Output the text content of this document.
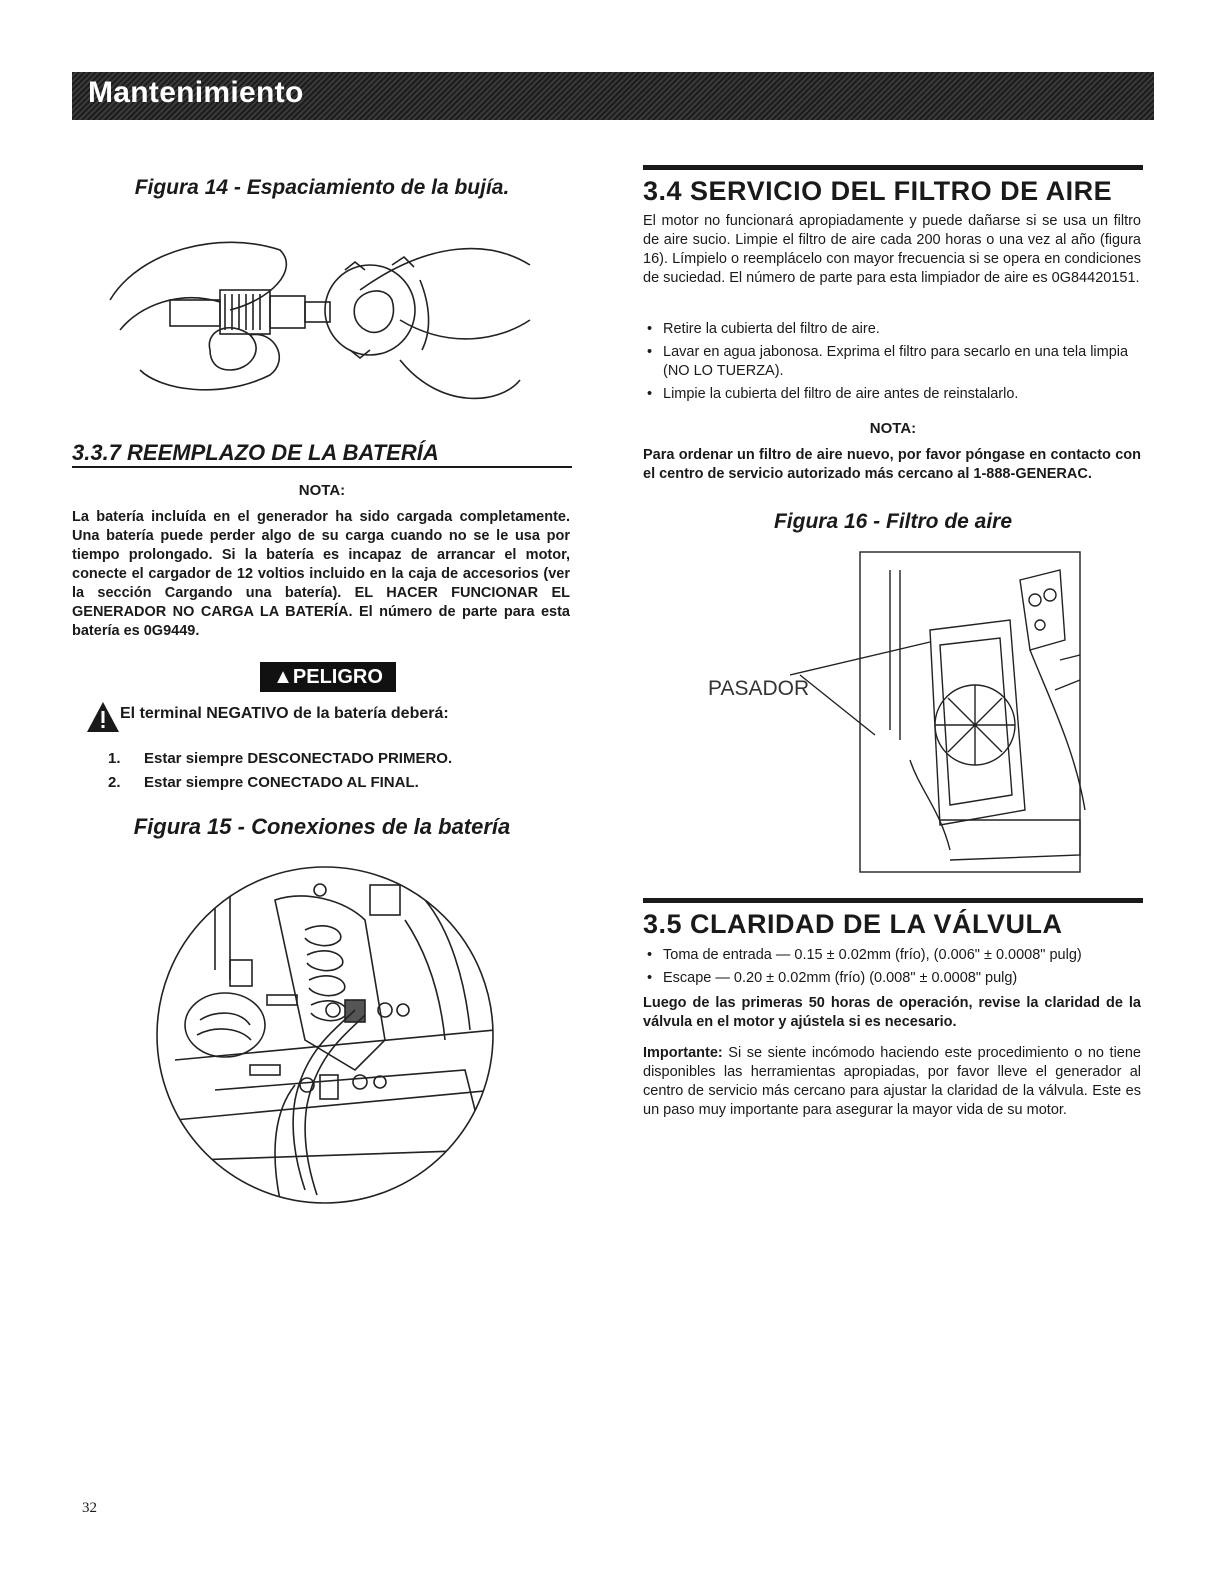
Mantenimiento
Figura 14 - Espaciamiento de la bujía.
3.3.7 REEMPLAZO DE LA BATERÍA
NOTA:

La batería incluída en el generador ha sido cargada completamente. Una batería puede perder algo de su carga cuando no se le usa por tiempo prolongado. Si la batería es incapaz de arrancar el motor, conecte el cargador de 12 voltios incluido en la caja de accesorios (ver la sección Cargando una batería). EL HACER FUNCIONAR EL GENERADOR NO CARGA LA BATERÍA. El número de parte para esta batería es 0G9449.

▲PELIGRO
El terminal NEGATIVO de la batería deberá:
1. Estar siempre DESCONECTADO PRIMERO.
2. Estar siempre CONECTADO AL FINAL.
Figura 15 - Conexiones de la batería
3.4 SERVICIO DEL FILTRO DE AIRE

El motor no funcionará apropiadamente y puede dañarse si se usa un filtro de aire sucio. Limpie el filtro de aire cada 200 horas o una vez al año (figura 16). Límpielo o reemplácelo con mayor frecuencia si se opera en condiciones de suciedad. El número de parte para esta limpiador de aire es 0G84420151.

• Retire la cubierta del filtro de aire.
• Lavar en agua jabonosa. Exprima el filtro para secarlo en una tela limpia (NO LO TUERZA).
• Limpie la cubierta del filtro de aire antes de reinstalarlo.
NOTA:

Para ordenar un filtro de aire nuevo, por favor póngase en contacto con el centro de servicio autorizado más cercano al 1-888-GENERAC.

Figura 16 - Filtro de aire
PASADOR
3.5 CLARIDAD DE LA VÁLVULA
• Toma de entrada — 0.15 ± 0.02mm (frío), (0.006" ± 0.0008" pulg)
• Escape — 0.20 ± 0.02mm (frío) (0.008" ± 0.0008" pulg)

Luego de las primeras 50 horas de operación, revise la claridad de la válvula en el motor y ajústela si es necesario.

Importante: Si se siente incómodo haciendo este procedimiento o no tiene disponibles las herramientas apropiadas, por favor lleve el generador al centro de servicio más cercano para ajustar la claridad de la válvula. Este es un paso muy importante para asegurar la mayor vida de su motor.

32
